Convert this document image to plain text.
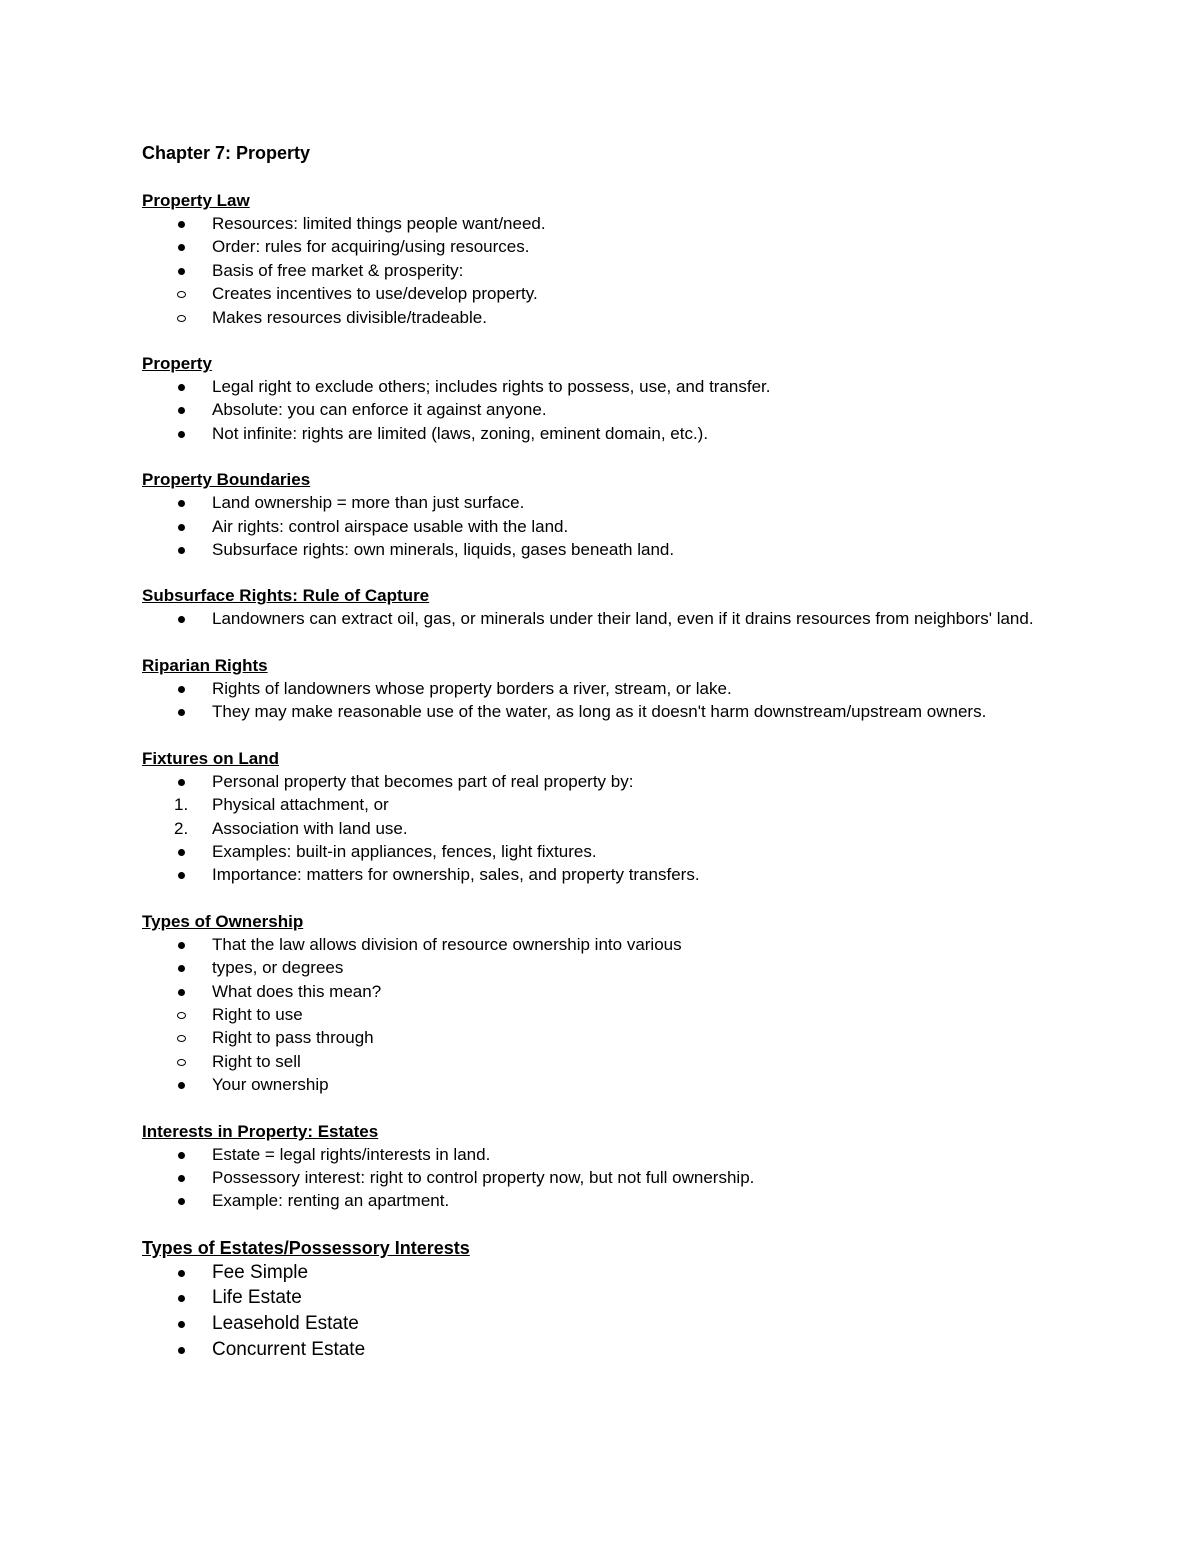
Chapter 7: Property
Property Law
Resources: limited things people want/need.
Order: rules for acquiring/using resources.
Basis of free market & prosperity:
Creates incentives to use/develop property.
Makes resources divisible/tradeable.
Property
Legal right to exclude others; includes rights to possess, use, and transfer.
Absolute: you can enforce it against anyone.
Not infinite: rights are limited (laws, zoning, eminent domain, etc.).
Property Boundaries
Land ownership = more than just surface.
Air rights: control airspace usable with the land.
Subsurface rights: own minerals, liquids, gases beneath land.
Subsurface Rights: Rule of Capture
Landowners can extract oil, gas, or minerals under their land, even if it drains resources from neighbors' land.
Riparian Rights
Rights of landowners whose property borders a river, stream, or lake.
They may make reasonable use of the water, as long as it doesn't harm downstream/upstream owners.
Fixtures on Land
Personal property that becomes part of real property by:
1. Physical attachment, or
2. Association with land use.
Examples: built-in appliances, fences, light fixtures.
Importance: matters for ownership, sales, and property transfers.
Types of Ownership
That the law allows division of resource ownership into various
types, or degrees
What does this mean?
Right to use
Right to pass through
Right to sell
Your ownership
Interests in Property: Estates
Estate = legal rights/interests in land.
Possessory interest: right to control property now, but not full ownership.
Example: renting an apartment.
Types of Estates/Possessory Interests
Fee Simple
Life Estate
Leasehold Estate
Concurrent Estate
